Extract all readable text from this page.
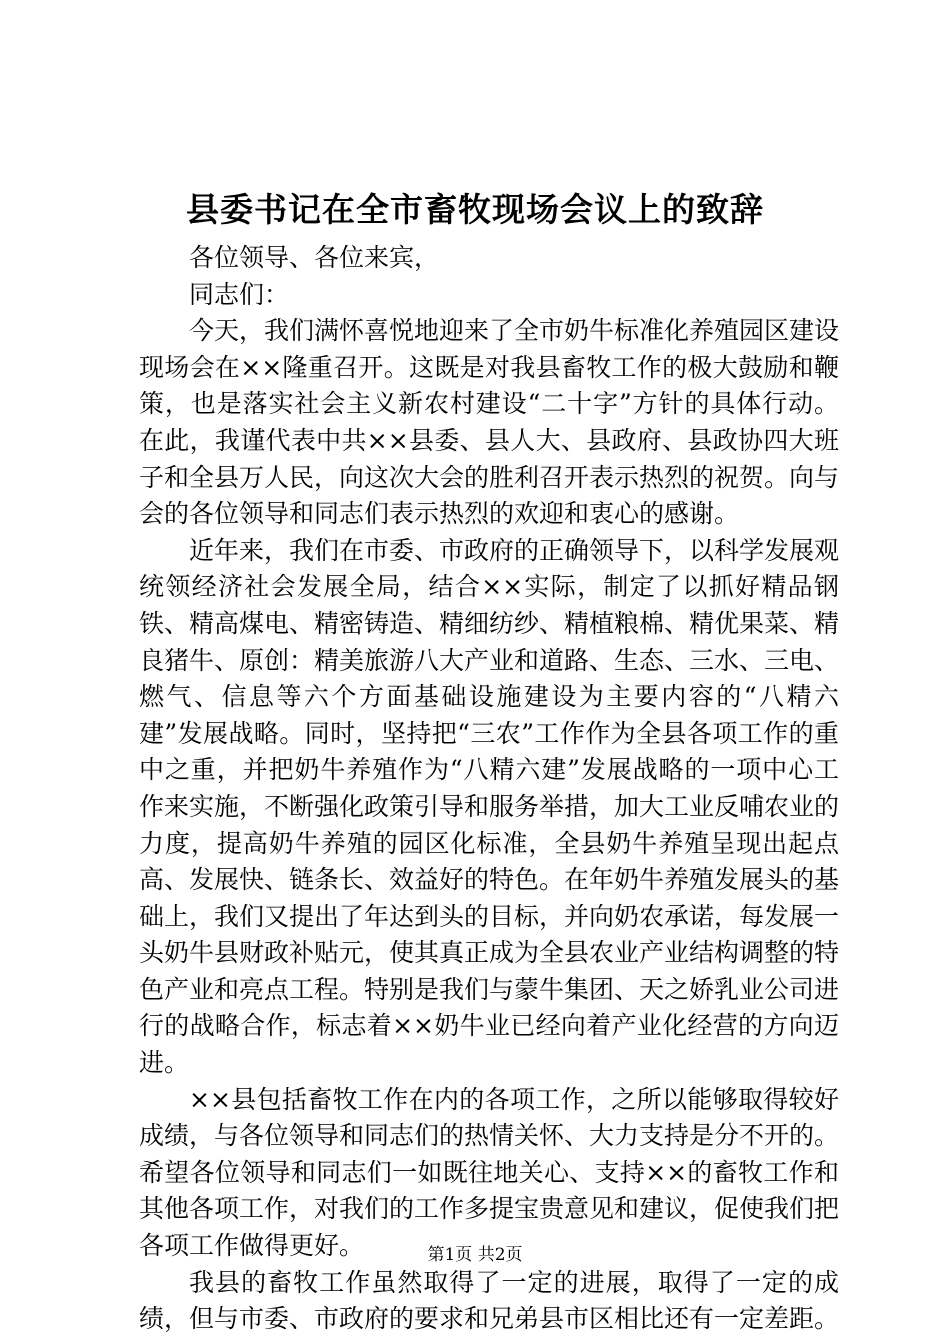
县委书记在全市畜牧现场会议上的致辞

各位领导、各位来宾，

同志们：

今天，我们满怀喜悦地迎来了全市奶牛标准化养殖园区建设现场会在××隆重召开。这既是对我县畜牧工作的极大鼓励和鞭策，也是落实社会主义新农村建设“二十字”方针的具体行动。在此，我谨代表中共××县委、县人大、县政府、县政协四大班子和全县万人民，向这次大会的胜利召开表示热烈的祝贺。向与会的各位领导和同志们表示热烈的欢迎和衷心的感谢。

近年来，我们在市委、市政府的正确领导下，以科学发展观统领经济社会发展全局，结合××实际，制定了以抓好精品钢铁、精高煤电、精密铸造、精细纺纱、精植粮棉、精优果菜、精良猪牛、原创：精美旅游八大产业和道路、生态、三水、三电、燃气、信息等六个方面基础设施建设为主要内容的“八精六建”发展战略。同时，坚持把“三农”工作作为全县各项工作的重中之重，并把奶牛养殖作为“八精六建”发展战略的一项中心工作来实施，不断强化政策引导和服务举措，加大工业反哺农业的力度，提高奶牛养殖的园区化标准，全县奶牛养殖呈现出起点高、发展快、链条长、效益好的特色。在年奶牛养殖发展头的基础上，我们又提出了年达到头的目标，并向奶农承诺，每发展一头奶牛县财政补贴元，使其真正成为全县农业产业结构调整的特色产业和亮点工程。特别是我们与蒙牛集团、天之娇乳业公司进行的战略合作，标志着××奶牛业已经向着产业化经营的方向迈进。

××县包括畜牧工作在内的各项工作，之所以能够取得较好成绩，与各位领导和同志们的热情关怀、大力支持是分不开的。希望各位领导和同志们一如既往地关心、支持××的畜牧工作和其他各项工作，对我们的工作多提宝贵意见和建议，促使我们把各项工作做得更好。

我县的畜牧工作虽然取得了一定的进展，取得了一定的成绩，但与市委、市政府的要求和兄弟县市区相比还有一定差距。

第1页 共2页
